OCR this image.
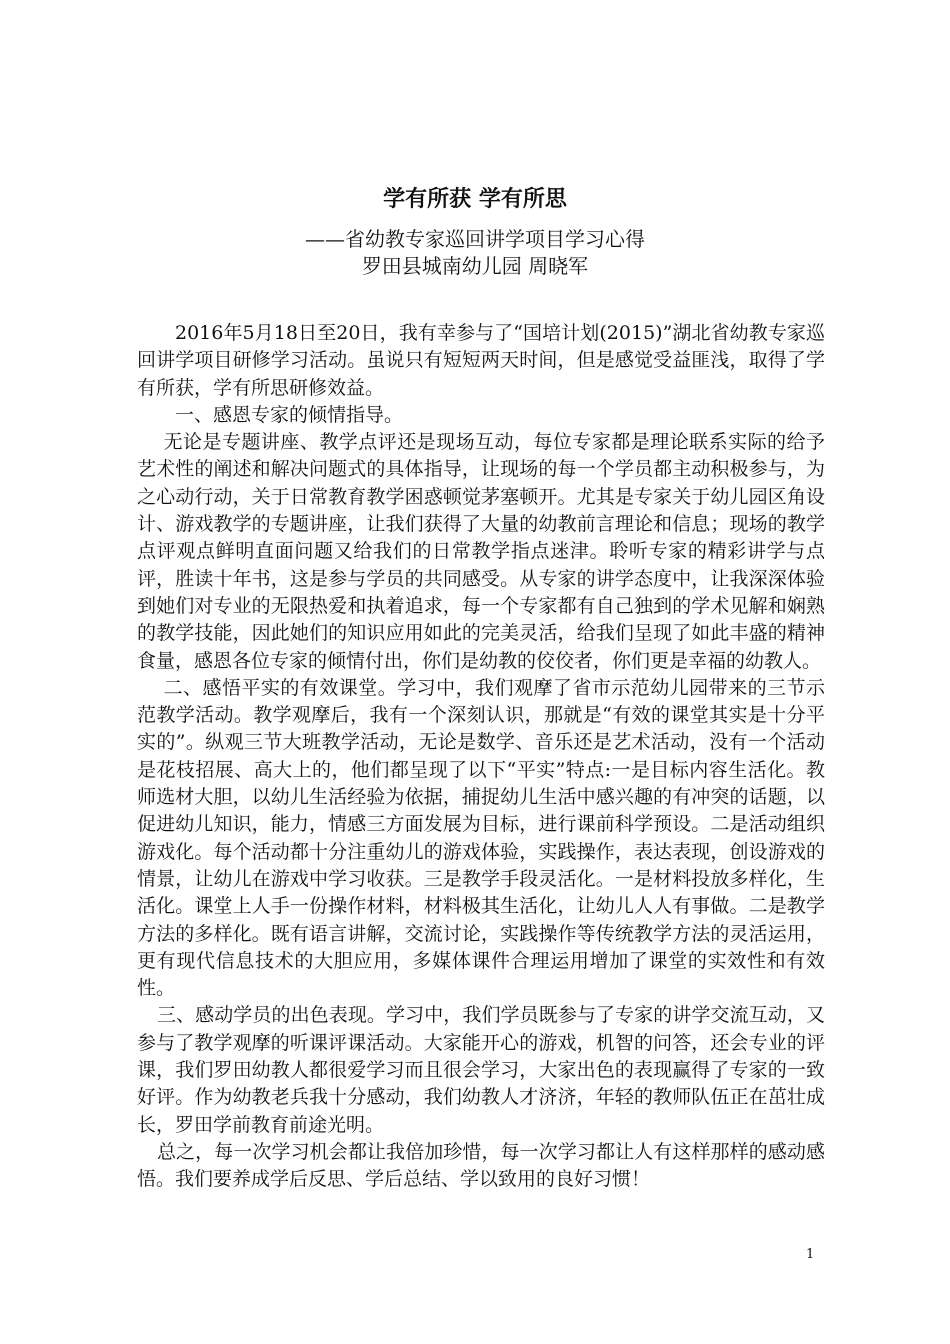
学有所获 学有所思
——省幼教专家巡回讲学项目学习心得
罗田县城南幼儿园 周晓军

2016年5月18日至20日，我有幸参与了“国培计划(2015)”湖北省幼教专家巡回讲学项目研修学习活动。虽说只有短短两天时间，但是感觉受益匪浅，取得了学有所获，学有所思研修效益。

一、感恩专家的倾情指导。

无论是专题讲座、教学点评还是现场互动，每位专家都是理论联系实际的给予艺术性的阐述和解决问题式的具体指导，让现场的每一个学员都主动积极参与，为之心动行动，关于日常教育教学困惑顿觉茅塞顿开。尤其是专家关于幼儿园区角设计、游戏教学的专题讲座，让我们获得了大量的幼教前言理论和信息；现场的教学点评观点鲜明直面问题又给我们的日常教学指点迷津。聆听专家的精彩讲学与点评，胜读十年书，这是参与学员的共同感受。从专家的讲学态度中，让我深深体验到她们对专业的无限热爱和执着追求，每一个专家都有自己独到的学术见解和娴熟的教学技能，因此她们的知识应用如此的完美灵活，给我们呈现了如此丰盛的精神食量，感恩各位专家的倾情付出，你们是幼教的佼佼者，你们更是幸福的幼教人。

二、感悟平实的有效课堂。学习中，我们观摩了省市示范幼儿园带来的三节示范教学活动。教学观摩后，我有一个深刻认识，那就是“有效的课堂其实是十分平实的”。纵观三节大班教学活动，无论是数学、音乐还是艺术活动，没有一个活动是花枝招展、高大上的，他们都呈现了以下“平实”特点:一是目标内容生活化。教师选材大胆，以幼儿生活经验为依据，捕捉幼儿生活中感兴趣的有冲突的话题，以促进幼儿知识，能力，情感三方面发展为目标，进行课前科学预设。二是活动组织游戏化。每个活动都十分注重幼儿的游戏体验，实践操作，表达表现，创设游戏的情景，让幼儿在游戏中学习收获。三是教学手段灵活化。一是材料投放多样化，生活化。课堂上人手一份操作材料，材料极其生活化，让幼儿人人有事做。二是教学方法的多样化。既有语言讲解，交流讨论，实践操作等传统教学方法的灵活运用，更有现代信息技术的大胆应用，多媒体课件合理运用增加了课堂的实效性和有效性。

三、感动学员的出色表现。学习中，我们学员既参与了专家的讲学交流互动，又参与了教学观摩的听课评课活动。大家能开心的游戏，机智的问答，还会专业的评课，我们罗田幼教人都很爱学习而且很会学习，大家出色的表现赢得了专家的一致好评。作为幼教老兵我十分感动，我们幼教人才济济，年轻的教师队伍正在茁壮成长，罗田学前教育前途光明。

总之，每一次学习机会都让我倍加珍惜，每一次学习都让人有这样那样的感动感悟。我们要养成学后反思、学后总结、学以致用的良好习惯！

1
